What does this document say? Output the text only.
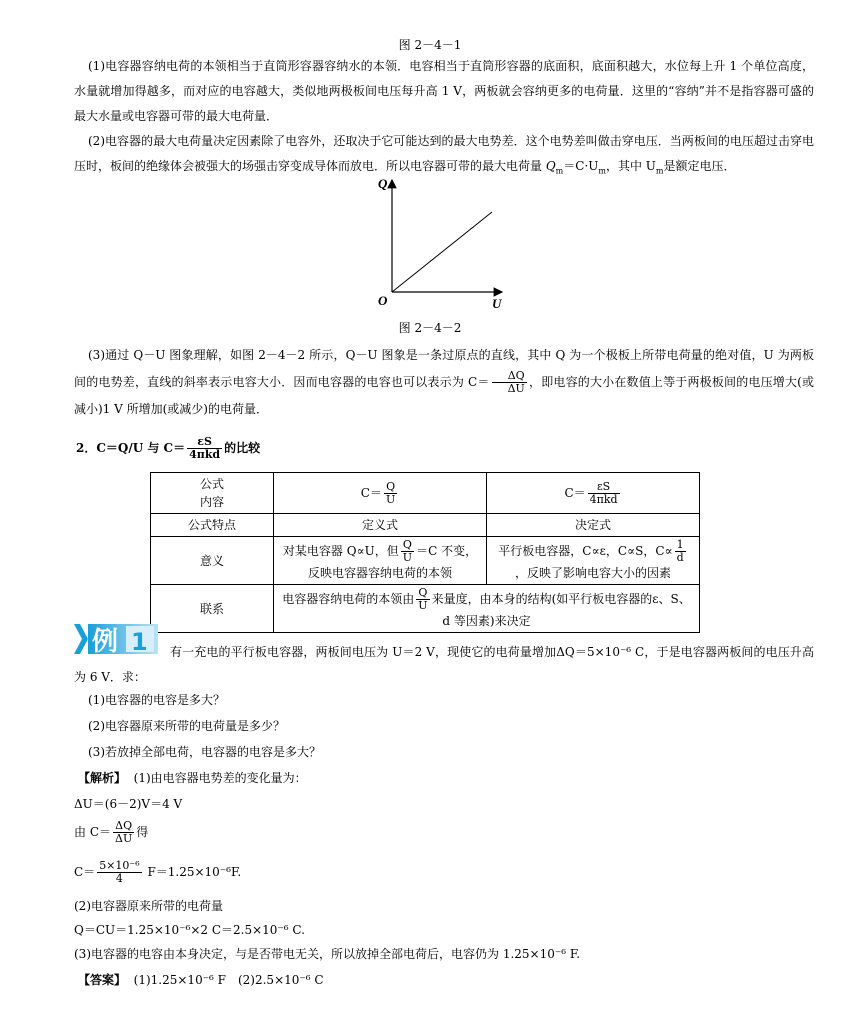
图 2－4－1
(1)电容器容纳电荷的本领相当于直筒形容器容纳水的本领．电容相当于直筒形容器的底面积，底面积越大，水位每上升 1 个单位高度，水量就增加得越多，而对应的电容越大，类似地两极板间电压每升高 1 V，两板就会容纳更多的电荷量．这里的“容纳”并不是指容器可盛的最大水量或电容器可带的最大电荷量．
(2)电容器的最大电荷量决定因素除了电容外，还取决于它可能达到的最大电势差．这个电势差叫做击穿电压．当两板间的电压超过击穿电压时，板间的绝缘体会被强大的场强击穿变成导体而放电．所以电容器可带的最大电荷量 $Q_m=C\cdot U_m$，其中 $U_m$是额定电压．
Q
U
O
图 2－4－2
(3)通过 Q－U 图象理解，如图 2－4－2 所示，Q－U 图象是一条过原点的直线，其中 Q 为一个极板上所带电荷量的绝对值，U 为两板间的电势差，直线的斜率表示电容大小．因而电容器的电容也可以表示为 $C= \frac{\Delta Q}{\Delta U}$ ，即电容的大小在数值上等于两极板间的电压增大(或减小)1 V 所增加(或减少)的电荷量．
2．C＝Q/U 与 $C= \frac{\varepsilon S}{\text{4πkd}}$ 的比较
公式
内容	$C= \frac{Q}{U}$	$C= \frac{\varepsilon S}{\text{4πkd}}$

公式特点	定义式	决定式
意义	对某电容器 Q∝U，但 $\frac{Q}{U} =C$ 不变，反映电容器容纳电荷的本领	平行板电容器，C∝ε，C∝S，$C\propto \frac{1}{d}$
，反映了影响电容大小的因素
联系	电容器容纳电荷的本领由 $\frac{Q}{U}$ 来量度，由本身的结构(如平行板电容器的ε、S、d 等因素)来决定	
例 1	有一充电的平行板电容器，两板间电压为 U＝2 V，现使它的电荷量增加ΔQ＝5×10⁻⁶ C，于是电容器两板间的电压升高为 6 V．求：
(1)电容器的电容是多大？
(2)电容器原来所带的电荷量是多少？
(3)若放掉全部电荷，电容器的电容是多大？
【解析】 (1)由电容器电势差的变化量为：
ΔU＝(6－2)V＝4 V
由 $C= \frac{\Delta Q}{\Delta U}$ 得
$C= \frac{\text{5×10⁻⁶}}{4} F=1.25\times 10^{-6}F$.
(2)电容器原来所带的电荷量
Q＝CU＝1.25×10⁻⁶×2 C＝2.5×10⁻⁶ C.
(3)电容器的电容由本身决定，与是否带电无关，所以放掉全部电荷后，电容仍为 1.25×10⁻⁶ F.
【答案】 (1)1.25×10⁻⁶ F　(2)2.5×10⁻⁶ C
